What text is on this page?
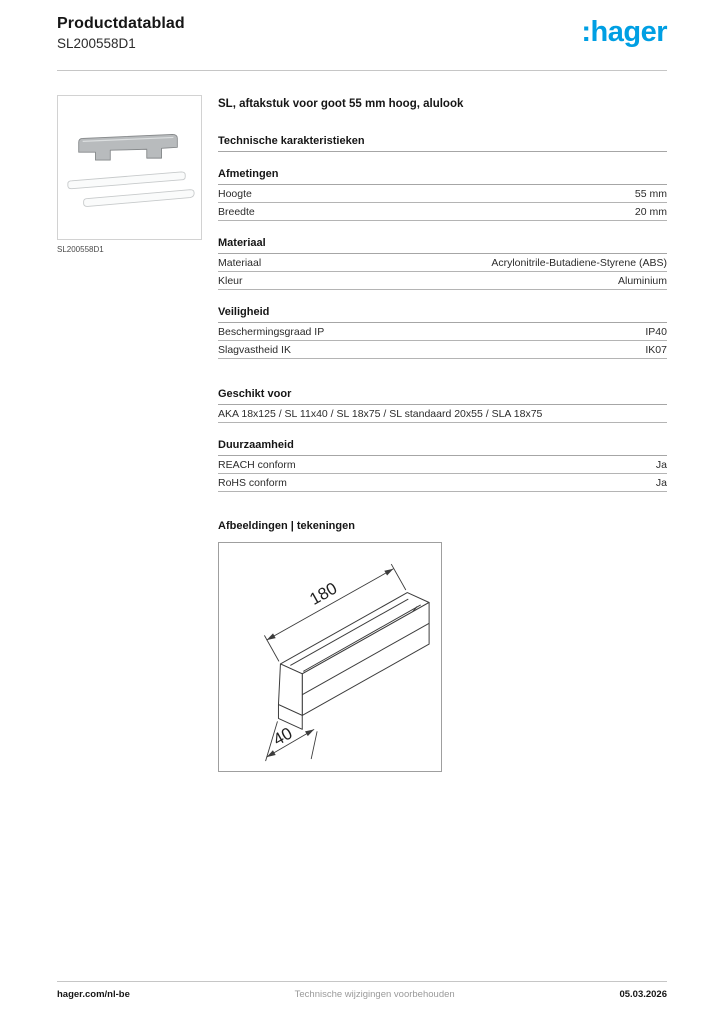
Productdatablad
SL200558D1	:hager
SL200558D1
SL, aftakstuk voor goot 55 mm hoog, alulook
Technische karakteristieken
Afmetingen
Hoogte	55 mm
Breedte	20 mm
Materiaal
Materiaal	Acrylonitrile-Butadiene-Styrene (ABS)
Kleur	Aluminium
Veiligheid
Beschermingsgraad IP	IP40
Slagvastheid IK	IK07
Geschikt voor
AKA 18x125 / SL 11x40 / SL 18x75 / SL standaard 20x55 / SLA 18x75
Duurzaamheid
REACH conform	Ja
RoHS conform	Ja
Afbeeldingen | tekeningen
180
40
hager.com/nl-be	Technische wijzigingen voorbehouden	05.03.2026
